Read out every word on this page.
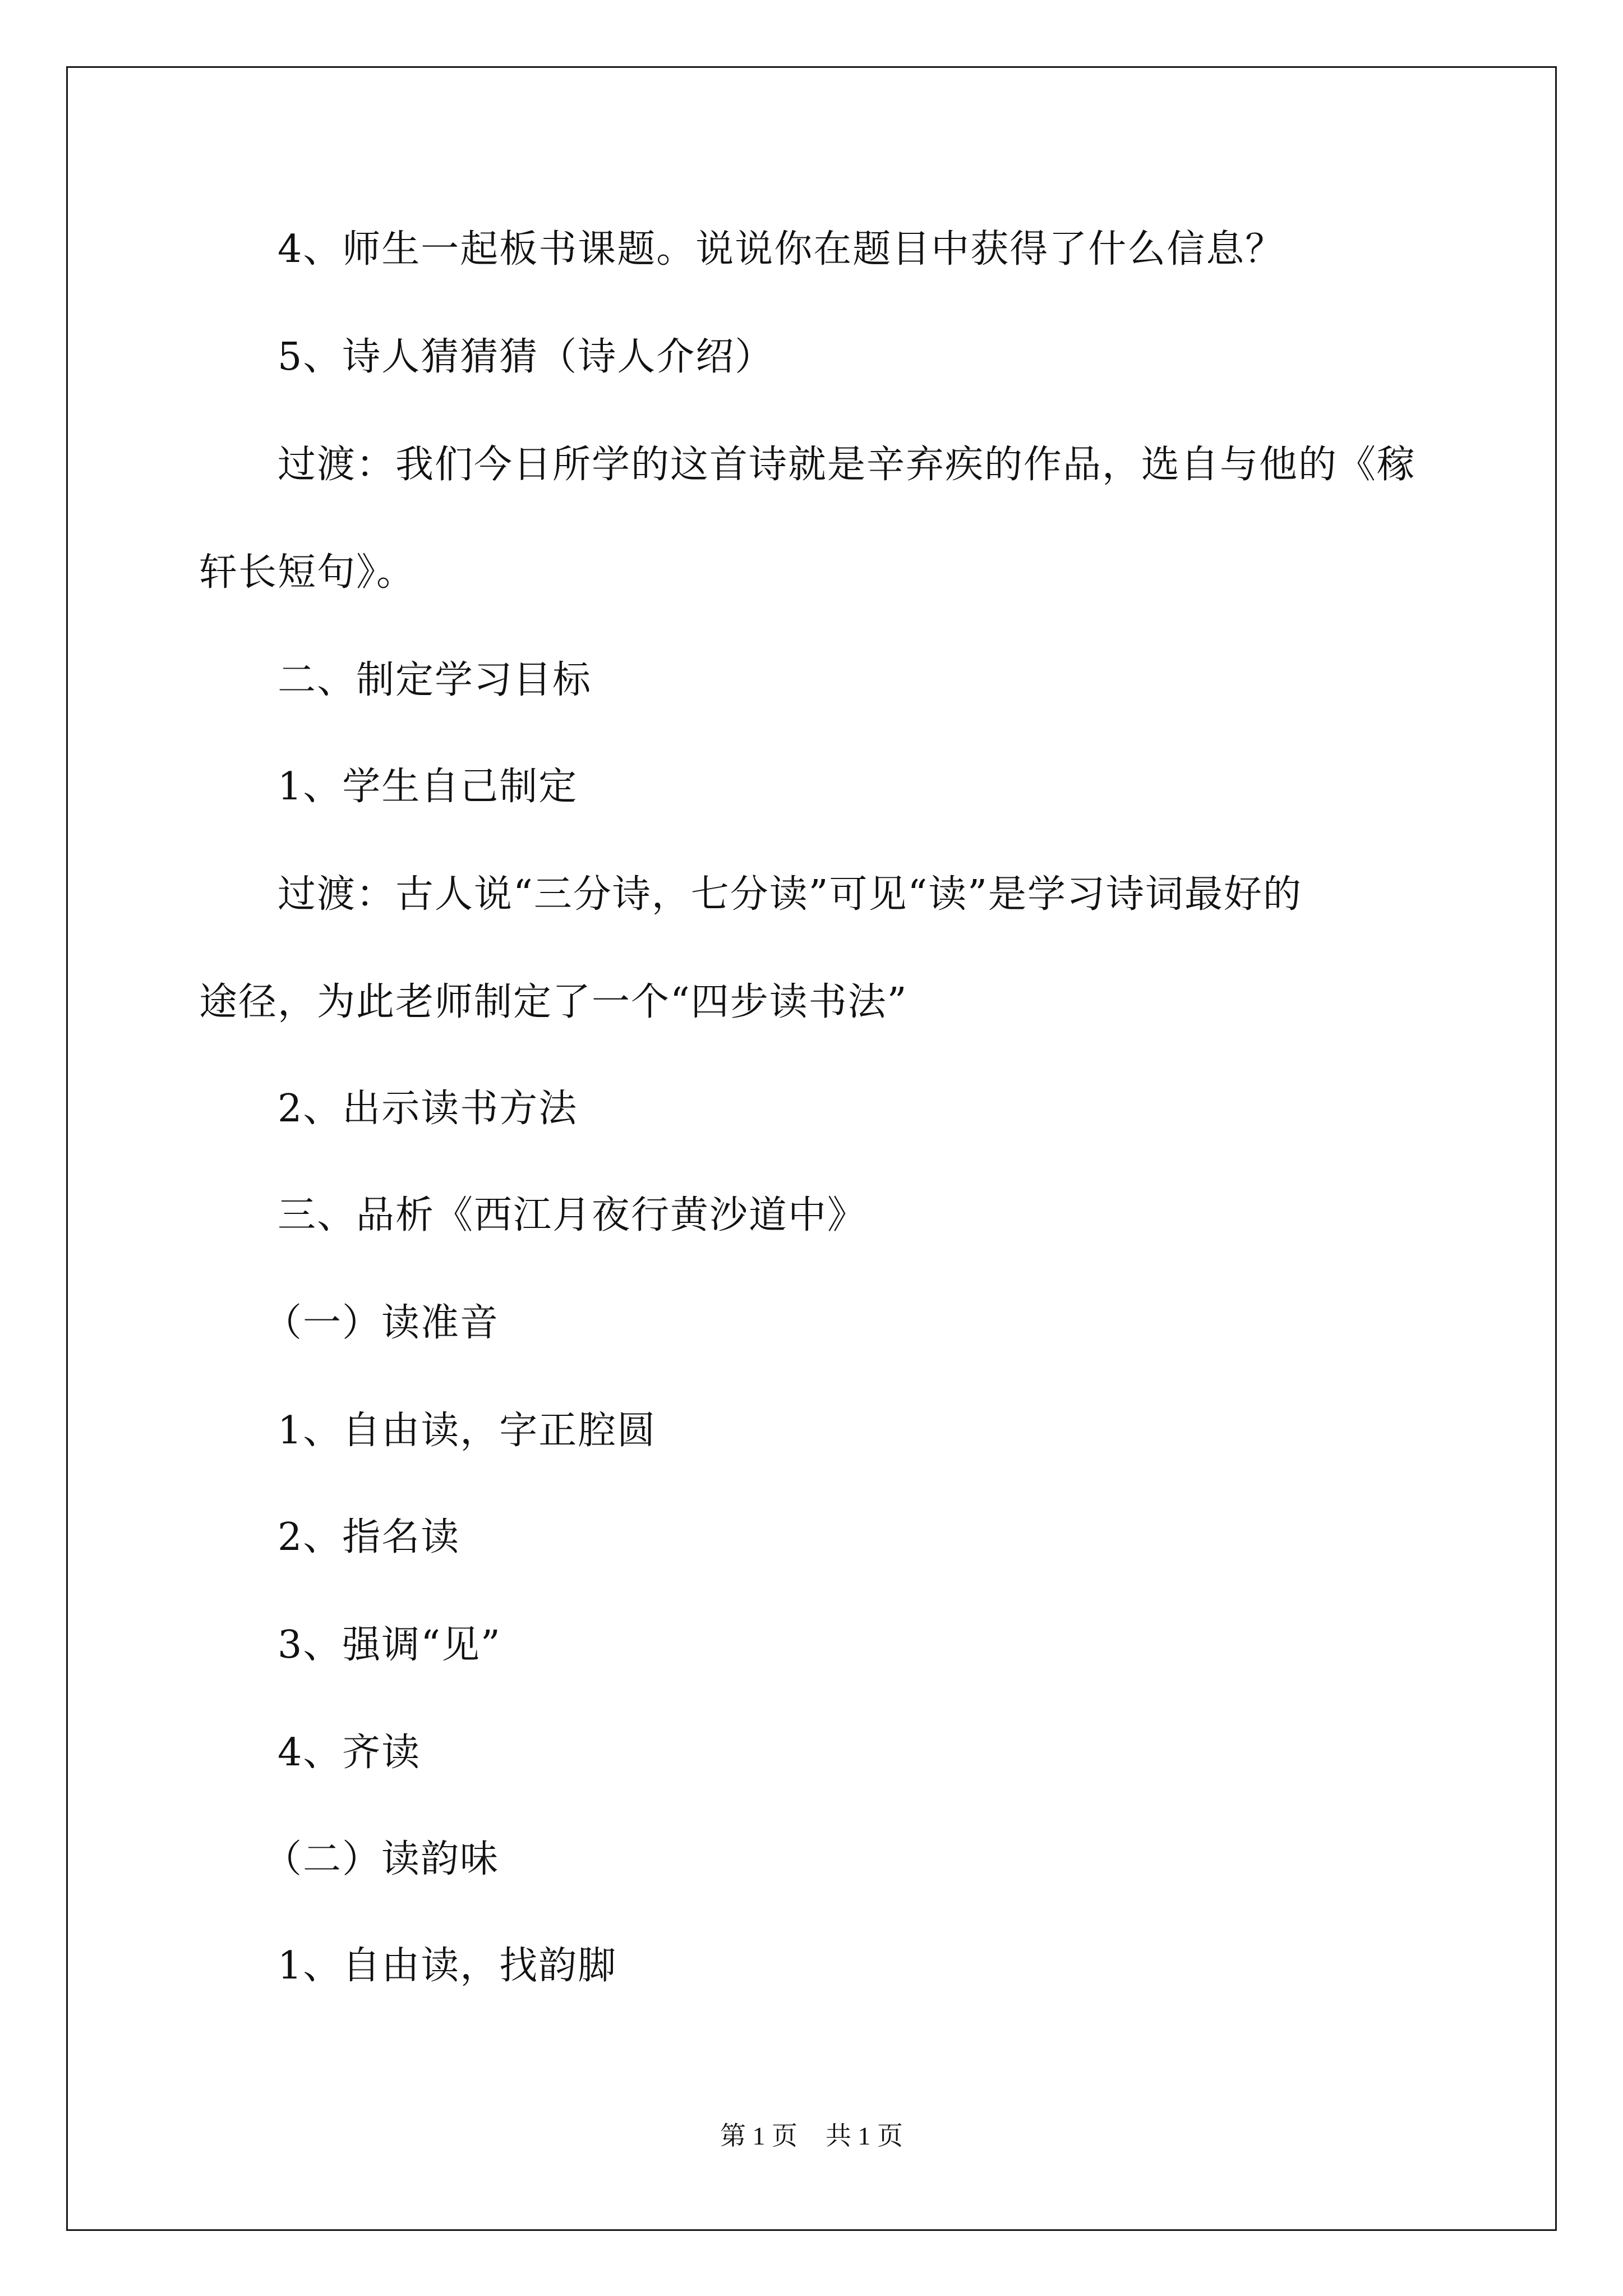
4、师生一起板书课题。说说你在题目中获得了什么信息？
5、诗人猜猜猜（诗人介绍）
过渡：我们今日所学的这首诗就是辛弃疾的作品，选自与他的《稼
轩长短句》。
二、制定学习目标
1、学生自己制定
过渡：古人说“三分诗，七分读”可见“读”是学习诗词最好的
途径，为此老师制定了一个“四步读书法”
2、出示读书方法
三、品析《西江月夜行黄沙道中》
（一）读准音
1、自由读，字正腔圆
2、指名读
3、强调“见”
4、齐读
（二）读韵味
1、自由读，找韵脚
第 1 页 共 1 页
